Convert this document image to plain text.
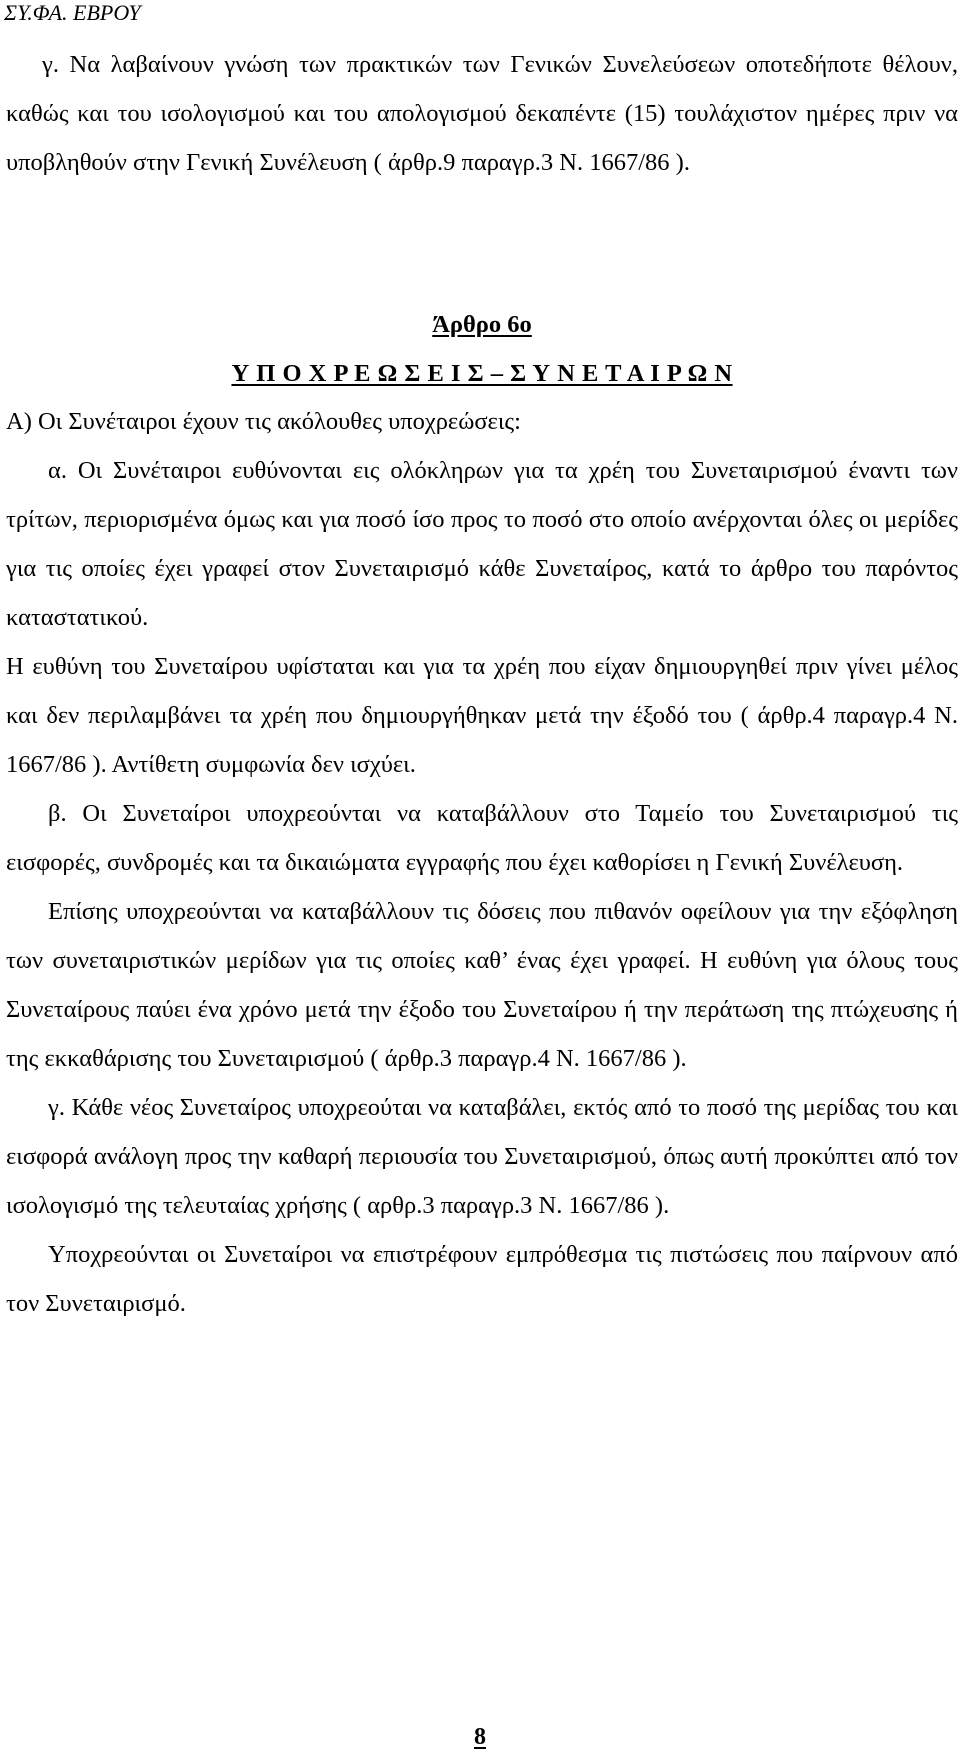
ΣΥ.ΦΑ. ΕΒΡΟΥ

γ. Να λαβαίνουν γνώση των πρακτικών των Γενικών Συνελεύσεων οποτεδήποτε θέλουν, καθώς και του ισολογισμού και του απολογισμού δεκαπέντε (15) τουλάχιστον ημέρες πριν να υποβληθούν στην Γενική Συνέλευση ( άρθρ.9 παραγρ.3 Ν. 1667/86 ).

Άρθρο 6ο
Υ Π Ο Χ Ρ Ε Ω Σ Ε Ι Σ – Σ Υ Ν Ε Τ Α Ι Ρ Ω Ν

Α) Οι Συνέταιροι έχουν τις ακόλουθες υποχρεώσεις:

α. Οι Συνέταιροι ευθύνονται εις ολόκληρων για τα χρέη του Συνεταιρισμού έναντι των τρίτων, περιορισμένα όμως και για ποσό ίσο προς το ποσό στο οποίο ανέρχονται όλες οι μερίδες για τις οποίες έχει γραφεί στον Συνεταιρισμό κάθε Συνεταίρος, κατά το άρθρο του παρόντος καταστατικού.

Η ευθύνη του Συνεταίρου υφίσταται και για τα χρέη που είχαν δημιουργηθεί πριν γίνει μέλος και δεν περιλαμβάνει τα χρέη που δημιουργήθηκαν μετά την έξοδό του ( άρθρ.4 παραγρ.4 Ν. 1667/86 ). Αντίθετη συμφωνία δεν ισχύει.

β. Οι Συνεταίροι υποχρεούνται να καταβάλλουν στο Ταμείο του Συνεταιρισμού τις εισφορές, συνδρομές και τα δικαιώματα εγγραφής που έχει καθορίσει η Γενική Συνέλευση.

Επίσης υποχρεούνται να καταβάλλουν τις δόσεις που πιθανόν οφείλουν για την εξόφληση των συνεταιριστικών μερίδων για τις οποίες καθ’ ένας έχει γραφεί. Η ευθύνη για όλους τους Συνεταίρους παύει ένα χρόνο μετά την έξοδο του Συνεταίρου ή την περάτωση της πτώχευσης ή της εκκαθάρισης του Συνεταιρισμού ( άρθρ.3 παραγρ.4 Ν. 1667/86 ).

γ. Κάθε νέος Συνεταίρος υποχρεούται να καταβάλει, εκτός από το ποσό της μερίδας του και εισφορά ανάλογη προς την καθαρή περιουσία του Συνεταιρισμού, όπως αυτή προκύπτει από τον ισολογισμό της τελευταίας χρήσης ( αρθρ.3 παραγρ.3 Ν. 1667/86 ).

Υποχρεούνται οι Συνεταίροι να επιστρέφουν εμπρόθεσμα τις πιστώσεις που παίρνουν από τον Συνεταιρισμό.

8
